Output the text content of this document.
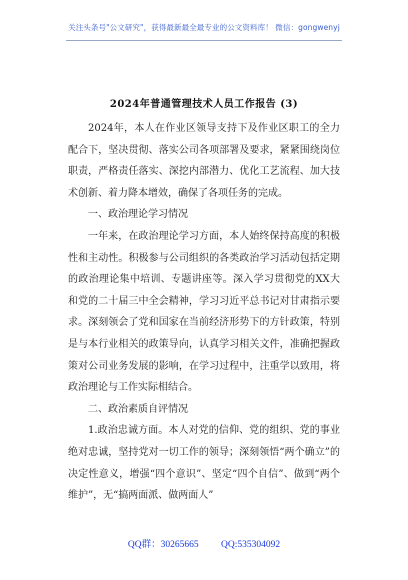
关注头条号"公文研究"，获得最新最全最专业的公文资料库！ 微信：gongwenyj
2024年普通管理技术人员工作报告 (3)

2024年，本人在作业区领导支持下及作业区职工的全力配合下，坚决贯彻、落实公司各项部署及要求，紧紧围绕岗位职责，严格责任落实、深挖内部潜力、优化工艺流程、加大技术创新、着力降本增效，确保了各项任务的完成。

一、政治理论学习情况

一年来，在政治理论学习方面，本人始终保持高度的积极性和主动性。积极参与公司组织的各类政治学习活动包括定期的政治理论集中培训、专题讲座等。深入学习贯彻党的XX大和党的二十届三中全会精神，学习习近平总书记对甘肃指示要求。深刻领会了党和国家在当前经济形势下的方针政策，特别是与本行业相关的政策导向，认真学习相关文件，准确把握政策对公司业务发展的影响，在学习过程中，注重学以致用，将政治理论与工作实际相结合。

二、政治素质自评情况

1.政治忠诚方面。本人对党的信仰、党的组织、党的事业绝对忠诚，坚持党对一切工作的领导；深刻领悟“两个确立”的决定性意义，增强“四个意识”、坚定“四个自信”、做到“两个维护”，无“搞两面派、做两面人”

QQ群：30265665 QQ:535304092
